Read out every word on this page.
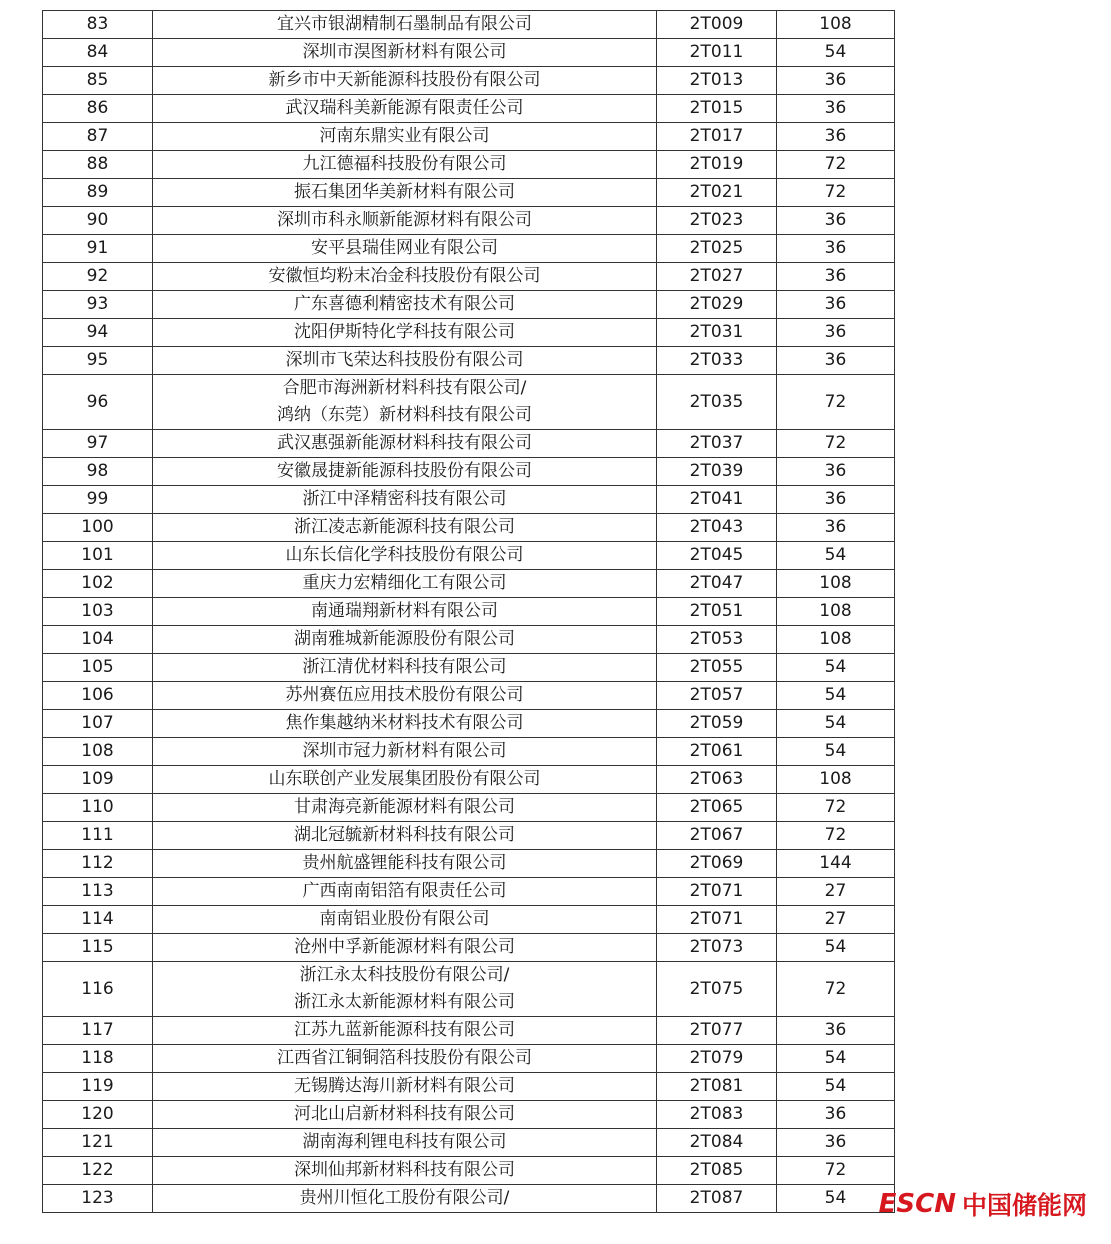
83	宜兴市银湖精制石墨制品有限公司	2T009	108
84	深圳市淏图新材料有限公司	2T011	54
85	新乡市中天新能源科技股份有限公司	2T013	36
86	武汉瑞科美新能源有限责任公司	2T015	36
87	河南东鼎实业有限公司	2T017	36
88	九江德福科技股份有限公司	2T019	72
89	振石集团华美新材料有限公司	2T021	72
90	深圳市科永顺新能源材料有限公司	2T023	36
91	安平县瑞佳网业有限公司	2T025	36
92	安徽恒均粉末冶金科技股份有限公司	2T027	36
93	广东喜德利精密技术有限公司	2T029	36
94	沈阳伊斯特化学科技有限公司	2T031	36
95	深圳市飞荣达科技股份有限公司	2T033	36
96	合肥市海洲新材料科技有限公司/
鸿纳（东莞）新材料科技有限公司	2T035	72
97	武汉惠强新能源材料科技有限公司	2T037	72
98	安徽晟捷新能源科技股份有限公司	2T039	36
99	浙江中泽精密科技有限公司	2T041	36
100	浙江凌志新能源科技有限公司	2T043	36
101	山东长信化学科技股份有限公司	2T045	54
102	重庆力宏精细化工有限公司	2T047	108
103	南通瑞翔新材料有限公司	2T051	108
104	湖南雅城新能源股份有限公司	2T053	108
105	浙江清优材料科技有限公司	2T055	54
106	苏州赛伍应用技术股份有限公司	2T057	54
107	焦作集越纳米材料技术有限公司	2T059	54
108	深圳市冠力新材料有限公司	2T061	54
109	山东联创产业发展集团股份有限公司	2T063	108
110	甘肃海亮新能源材料有限公司	2T065	72
111	湖北冠毓新材料科技有限公司	2T067	72
112	贵州航盛锂能科技有限公司	2T069	144
113	广西南南铝箔有限责任公司	2T071	27
114	南南铝业股份有限公司	2T071	27
115	沧州中孚新能源材料有限公司	2T073	54
116	浙江永太科技股份有限公司/
浙江永太新能源材料有限公司	2T075	72
117	江苏九蓝新能源科技有限公司	2T077	36
118	江西省江铜铜箔科技股份有限公司	2T079	54
119	无锡腾达海川新材料有限公司	2T081	54
120	河北山启新材料科技有限公司	2T083	36
121	湖南海利锂电科技有限公司	2T084	36
122	深圳仙邦新材料科技有限公司	2T085	72
123	贵州川恒化工股份有限公司/	2T087	54 ESCN 中国储能网
